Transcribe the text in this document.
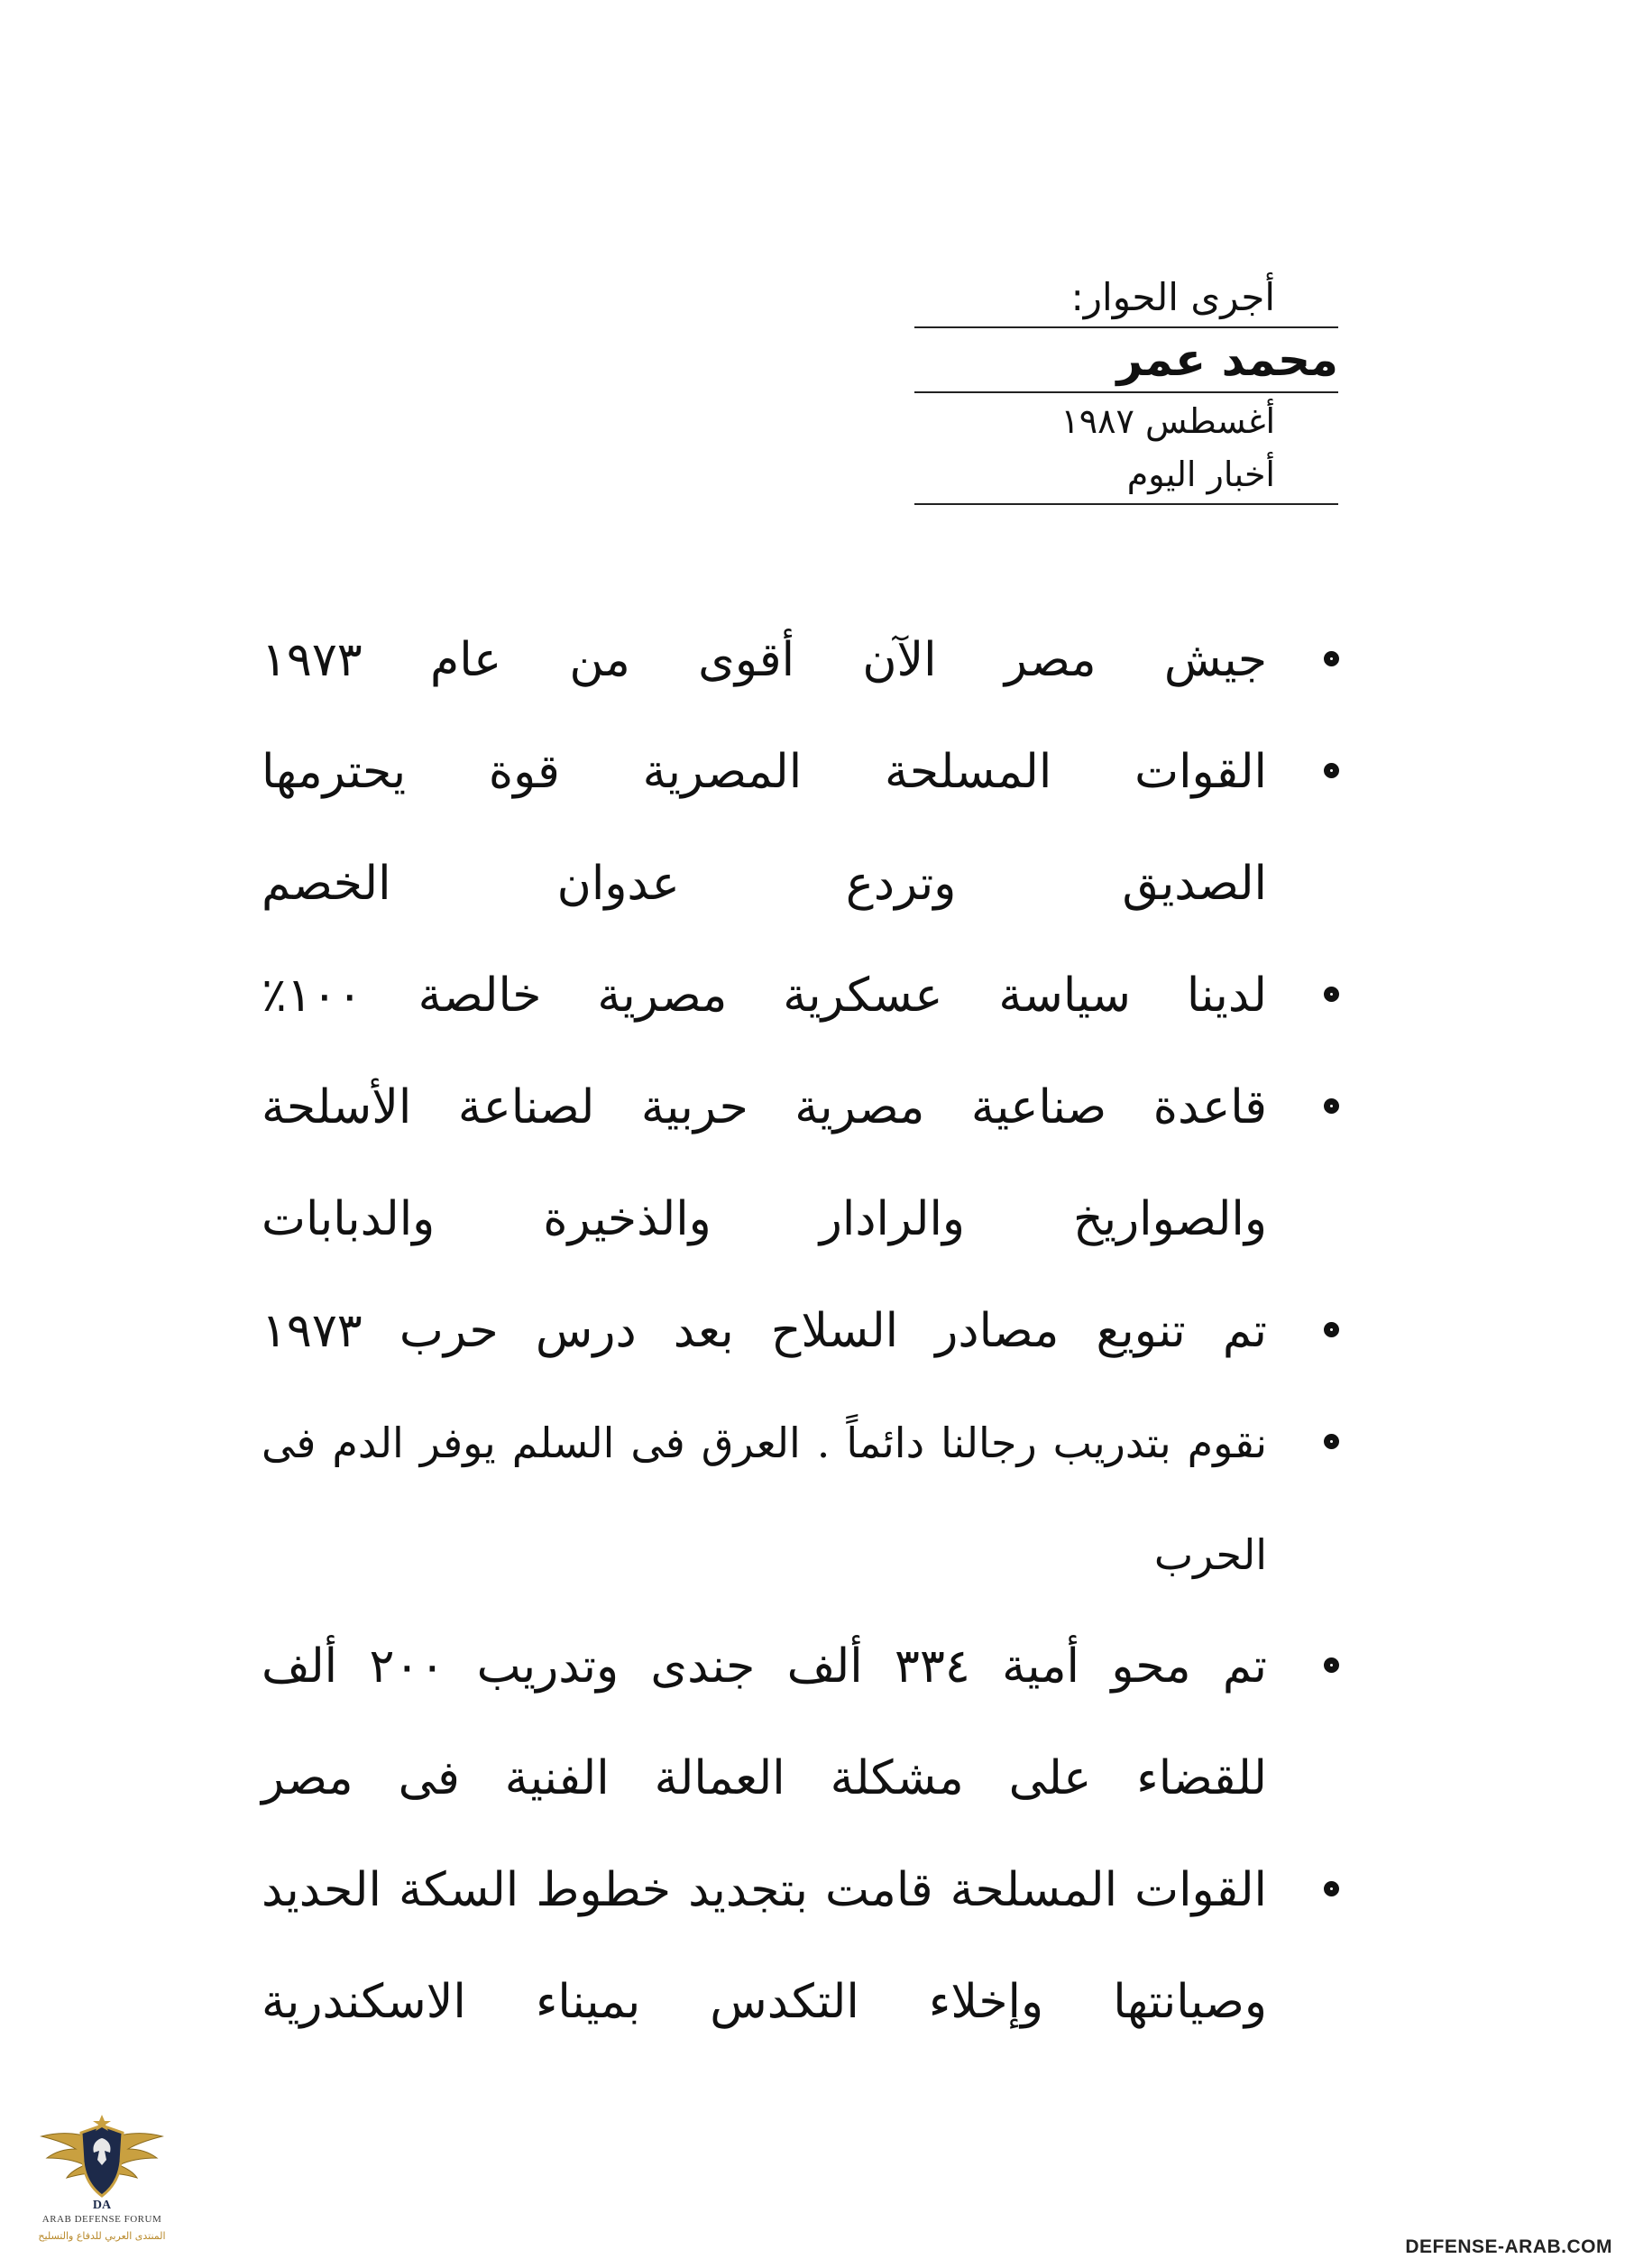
أجرى الحوار:
محمد عمر
أغسطس ١٩٨٧
أخبار اليوم
جيش مصر الآن أقوى من عام ١٩٧٣
القوات المسلحة المصرية قوة يحترمها
الصديق وتردع عدوان الخصم
لدينا سياسة عسكرية مصرية خالصة ١٠٠٪
قاعدة صناعية مصرية حربية لصناعة الأسلحة
والصواريخ والرادار والذخيرة والدبابات
تم تنويع مصادر السلاح بعد درس حرب ١٩٧٣
نقوم بتدريب رجالنا دائماً . العرق فى السلم يوفر الدم فى الحرب
تم محو أمية ٣٣٤ ألف جندى وتدريب ٢٠٠ ألف
للقضاء على مشكلة العمالة الفنية فى مصر
القوات المسلحة قامت بتجديد خطوط السكة الحديد
وصيانتها وإخلاء التكدس بميناء الاسكندرية
DA
ARAB DEFENSE FORUM
المنتدى العربي للدفاع والتسليح
DEFENSE-ARAB.COM
